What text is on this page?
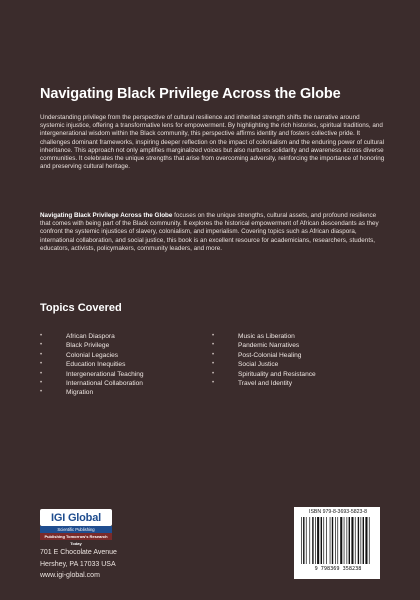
Navigating Black Privilege Across the Globe

Understanding privilege from the perspective of cultural resilience and inherited strength shifts the narrative around systemic injustice, offering a transformative lens for empowerment. By highlighting the rich histories, spiritual traditions, and intergenerational wisdom within the Black community, this perspective affirms identity and fosters collective pride. It challenges dominant frameworks, inspiring deeper reflection on the impact of colonialism and the enduring power of cultural inheritance. This approach not only amplifies marginalized voices but also nurtures solidarity and awareness across diverse communities. It celebrates the unique strengths that arise from overcoming adversity, reinforcing the importance of honoring and preserving cultural heritage.

Navigating Black Privilege Across the Globe focuses on the unique strengths, cultural assets, and profound resilience that comes with being part of the Black community. It explores the historical empowerment of African descendants as they confront the systemic injustices of slavery, colonialism, and imperialism. Covering topics such as African diaspora, international collaboration, and social justice, this book is an excellent resource for academicians, researchers, students, educators, activists, policymakers, community leaders, and more.

Topics Covered
•	African Diaspora
•	Black Privilege
•	Colonial Legacies
•	Education Inequities
•	Intergenerational Teaching
•	International Collaboration
•	Migration
•	Music as Liberation
•	Pandemic Narratives
•	Post-Colonial Healing
•	Social Justice
•	Spirituality and Resistance
•	Travel and Identity
IGI Global
Scientific Publishing
Publishing Tomorrow's Research Today
701 E Chocolate Avenue
Hershey, PA 17033 USA
www.igi-global.com
ISBN 979-8-3693-5823-8
9 798369 358238
